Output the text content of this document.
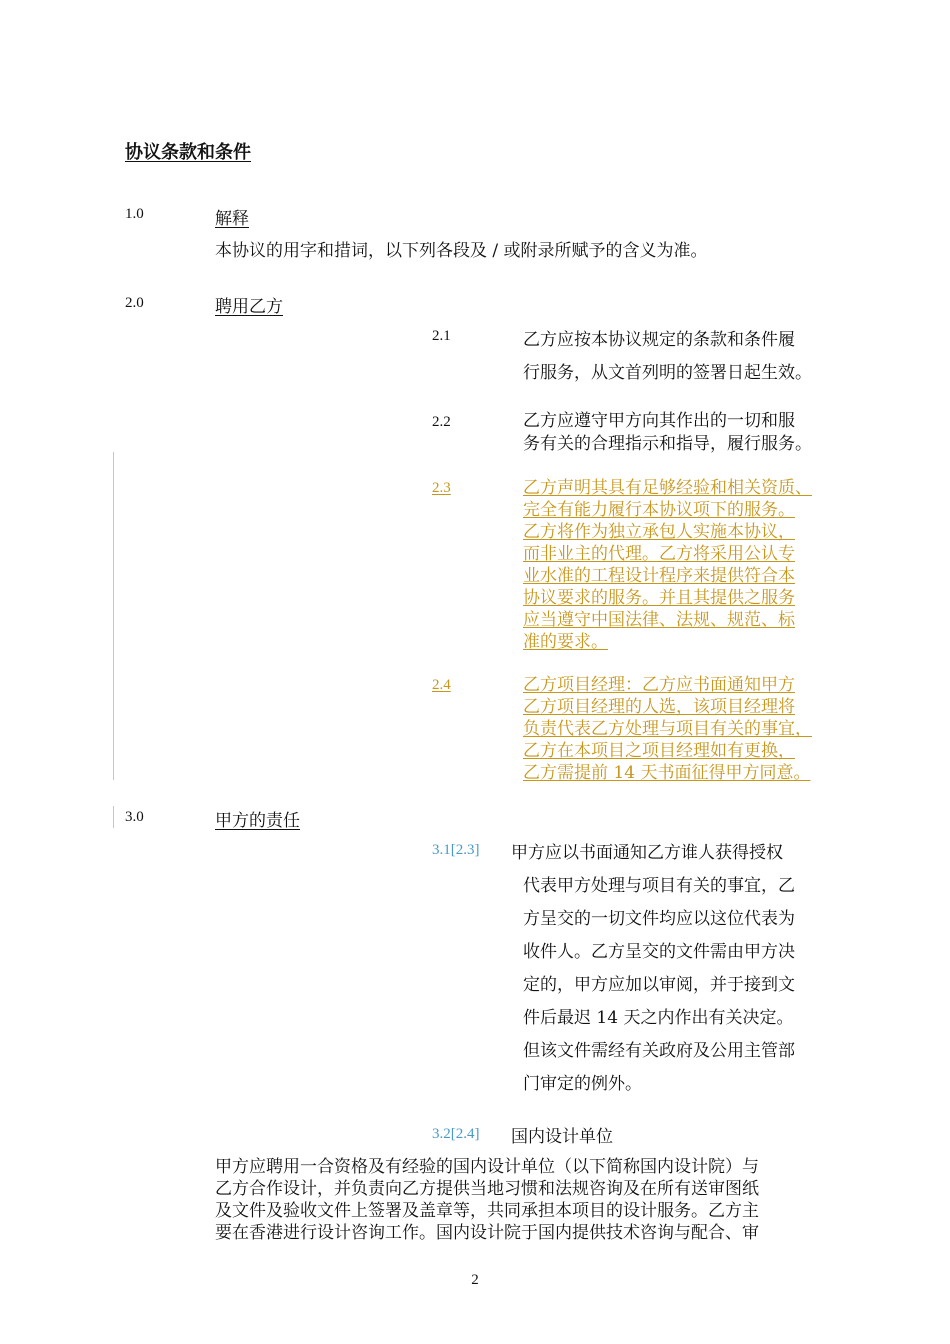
协议条款和条件
1.0	解释
本协议的用字和措词，以下列各段及 / 或附录所赋予的含义为准。
2.0	聘用乙方
2.1	乙方应按本协议规定的条款和条件履
行服务，从文首列明的签署日起生效。
2.2	乙方应遵守甲方向其作出的一切和服
务有关的合理指示和指导，履行服务。
2.3	乙方声明其具有足够经验和相关资质、
完全有能力履行本协议项下的服务。
乙方将作为独立承包人实施本协议，
而非业主的代理。乙方将采用公认专
业水准的工程设计程序来提供符合本
协议要求的服务。并且其提供之服务
应当遵守中国法律、法规、规范、标
准的要求。
2.4	乙方项目经理：乙方应书面通知甲方
乙方项目经理的人选，该项目经理将
负责代表乙方处理与项目有关的事宜，
乙方在本项目之项目经理如有更换，
乙方需提前 14 天书面征得甲方同意。
3.0	甲方的责任
3.1[2.3] 甲方应以书面通知乙方谁人获得授权
代表甲方处理与项目有关的事宜，乙
方呈交的一切文件均应以这位代表为
收件人。乙方呈交的文件需由甲方决
定的，甲方应加以审阅，并于接到文
件后最迟 14 天之内作出有关决定。
但该文件需经有关政府及公用主管部
门审定的例外。
3.2[2.4] 国内设计单位
甲方应聘用一合资格及有经验的国内设计单位（以下简称国内设计院）与
乙方合作设计，并负责向乙方提供当地习惯和法规咨询及在所有送审图纸
及文件及验收文件上签署及盖章等，共同承担本项目的设计服务。乙方主
要在香港进行设计咨询工作。国内设计院于国内提供技术咨询与配合、审
2
